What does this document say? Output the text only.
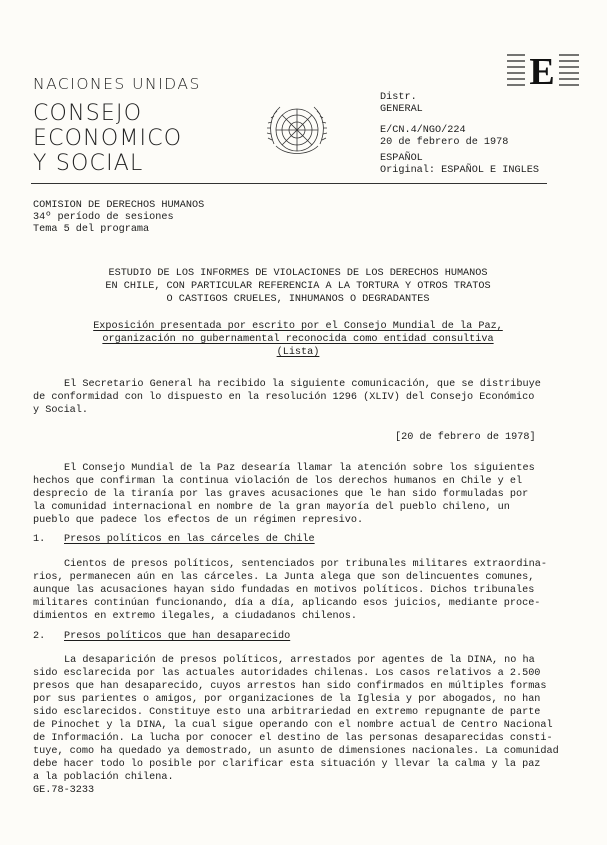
NACIONES UNIDAS
CONSEJO
ECONOMICO
Y SOCIAL
E
Distr.
GENERAL
E/CN.4/NGO/224
20 de febrero de 1978
ESPAÑOL
Original: ESPAÑOL E INGLES
COMISION DE DERECHOS HUMANOS
34º período de sesiones
Tema 5 del programa
ESTUDIO DE LOS INFORMES DE VIOLACIONES DE LOS DERECHOS HUMANOS
EN CHILE, CON PARTICULAR REFERENCIA A LA TORTURA Y OTROS TRATOS
O CASTIGOS CRUELES, INHUMANOS O DEGRADANTES
Exposición presentada por escrito por el Consejo Mundial de la Paz,
organización no gubernamental reconocida como entidad consultiva
(Lista)
El Secretario General ha recibido la siguiente comunicación, que se distribuye
de conformidad con lo dispuesto en la resolución 1296 (XLIV) del Consejo Económico
y Social.
[20 de febrero de 1978]
El Consejo Mundial de la Paz desearía llamar la atención sobre los siguientes
hechos que confirman la continua violación de los derechos humanos en Chile y el
desprecio de la tiranía por las graves acusaciones que le han sido formuladas por
la comunidad internacional en nombre de la gran mayoría del pueblo chileno, un
pueblo que padece los efectos de un régimen represivo.
1. Presos políticos en las cárceles de Chile
Cientos de presos políticos, sentenciados por tribunales militares extraordina-
rios, permanecen aún en las cárceles. La Junta alega que son delincuentes comunes,
aunque las acusaciones hayan sido fundadas en motivos políticos. Dichos tribunales
militares continúan funcionando, día a día, aplicando esos juicios, mediante proce-
dimientos en extremo ilegales, a ciudadanos chilenos.
2. Presos políticos que han desaparecido
La desaparición de presos políticos, arrestados por agentes de la DINA, no ha
sido esclarecida por las actuales autoridades chilenas. Los casos relativos a 2.500
presos que han desaparecido, cuyos arrestos han sido confirmados en múltiples formas
por sus parientes o amigos, por organizaciones de la Iglesia y por abogados, no han
sido esclarecidos. Constituye esto una arbitrariedad en extremo repugnante de parte
de Pinochet y la DINA, la cual sigue operando con el nombre actual de Centro Nacional
de Información. La lucha por conocer el destino de las personas desaparecidas consti-
tuye, como ha quedado ya demostrado, un asunto de dimensiones nacionales. La comunidad
debe hacer todo lo posible por clarificar esta situación y llevar la calma y la paz
a la población chilena.
GE.78-3233
